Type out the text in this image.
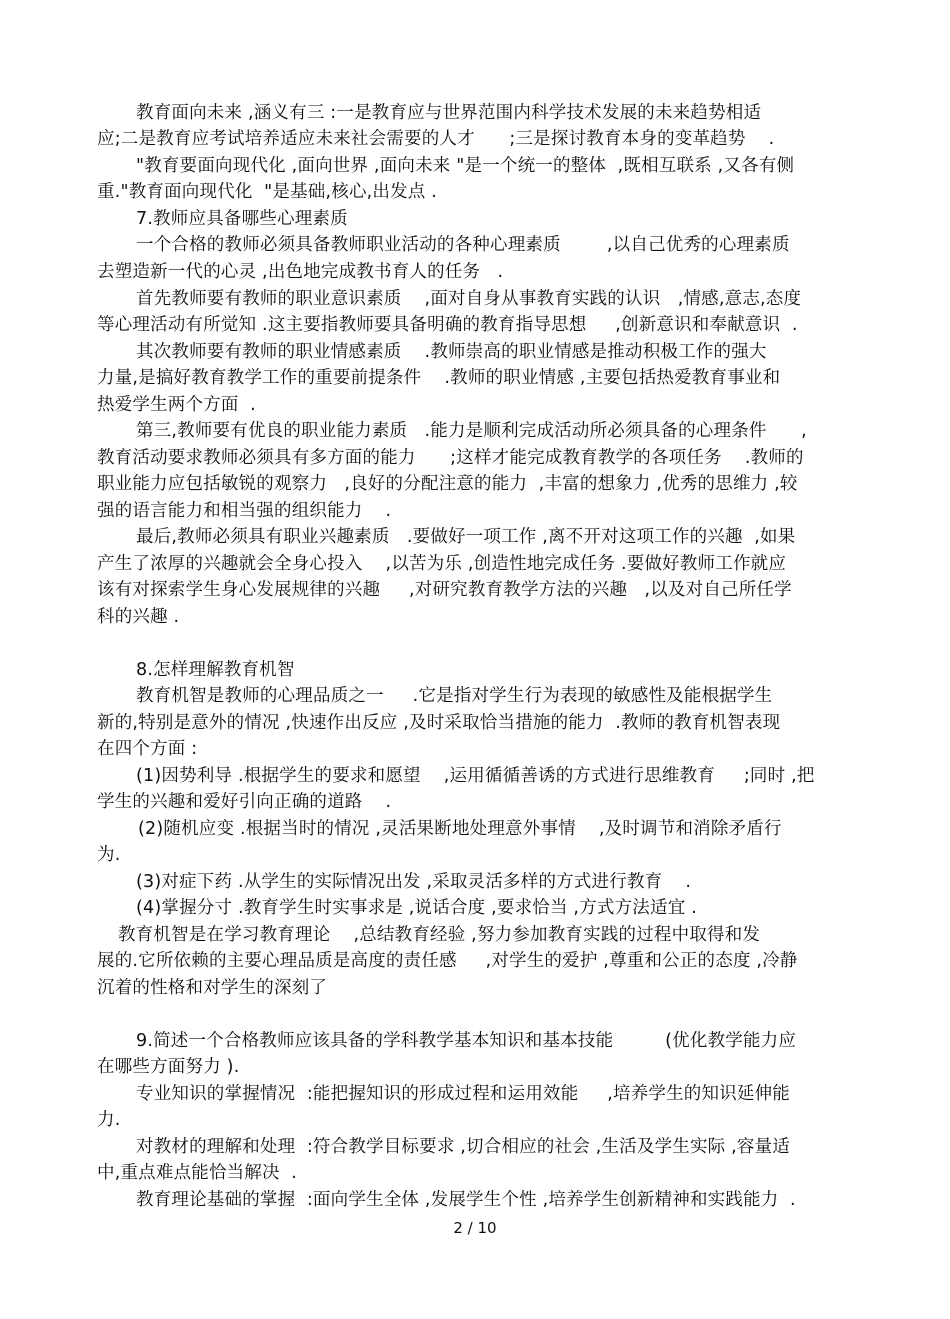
教育面向未来 ,涵义有三 :一是教育应与世界范围内科学技术发展的未来趋势相适
应;二是教育应考试培养适应未来社会需要的人才      ;三是探讨教育本身的变革趋势    .
"教育要面向现代化 ,面向世界 ,面向未来 "是一个统一的整体  ,既相互联系 ,又各有侧
重."教育面向现代化  "是基础,核心,出发点 .
7.教师应具备哪些心理素质
一个合格的教师必须具备教师职业活动的各种心理素质        ,以自己优秀的心理素质
去塑造新一代的心灵 ,出色地完成教书育人的任务   .
首先教师要有教师的职业意识素质    ,面对自身从事教育实践的认识   ,情感,意志,态度
等心理活动有所觉知 .这主要指教师要具备明确的教育指导思想     ,创新意识和奉献意识  .
其次教师要有教师的职业情感素质    .教师崇高的职业情感是推动积极工作的强大
力量,是搞好教育教学工作的重要前提条件    .教师的职业情感 ,主要包括热爱教育事业和
热爱学生两个方面  .
第三,教师要有优良的职业能力素质   .能力是顺利完成活动所必须具备的心理条件      ,
教育活动要求教师必须具有多方面的能力      ;这样才能完成教育教学的各项任务    .教师的
职业能力应包括敏锐的观察力   ,良好的分配注意的能力  ,丰富的想象力 ,优秀的思维力 ,较
强的语言能力和相当强的组织能力    .
最后,教师必须具有职业兴趣素质   .要做好一项工作 ,离不开对这项工作的兴趣  ,如果
产生了浓厚的兴趣就会全身心投入    ,以苦为乐 ,创造性地完成任务 .要做好教师工作就应
该有对探索学生身心发展规律的兴趣     ,对研究教育教学方法的兴趣   ,以及对自己所任学
科的兴趣 .
8.怎样理解教育机智
教育机智是教师的心理品质之一     .它是指对学生行为表现的敏感性及能根据学生
新的,特别是意外的情况 ,快速作出反应 ,及时采取恰当措施的能力  .教师的教育机智表现
在四个方面 :
(1)因势利导 .根据学生的要求和愿望    ,运用循循善诱的方式进行思维教育     ;同时 ,把
学生的兴趣和爱好引向正确的道路    .
(2)随机应变 .根据当时的情况 ,灵活果断地处理意外事情    ,及时调节和消除矛盾行
为.
(3)对症下药 .从学生的实际情况出发 ,采取灵活多样的方式进行教育    .
(4)掌握分寸 .教育学生时实事求是 ,说话合度 ,要求恰当 ,方式方法适宜 .
教育机智是在学习教育理论    ,总结教育经验 ,努力参加教育实践的过程中取得和发
展的.它所依赖的主要心理品质是高度的责任感     ,对学生的爱护 ,尊重和公正的态度 ,冷静
沉着的性格和对学生的深刻了
9.简述一个合格教师应该具备的学科教学基本知识和基本技能         (优化教学能力应
在哪些方面努力 ).
专业知识的掌握情况  :能把握知识的形成过程和运用效能     ,培养学生的知识延伸能
力.
对教材的理解和处理  :符合教学目标要求 ,切合相应的社会 ,生活及学生实际 ,容量适
中,重点难点能恰当解决  .
教育理论基础的掌握  :面向学生全体 ,发展学生个性 ,培养学生创新精神和实践能力  .
2 / 10
